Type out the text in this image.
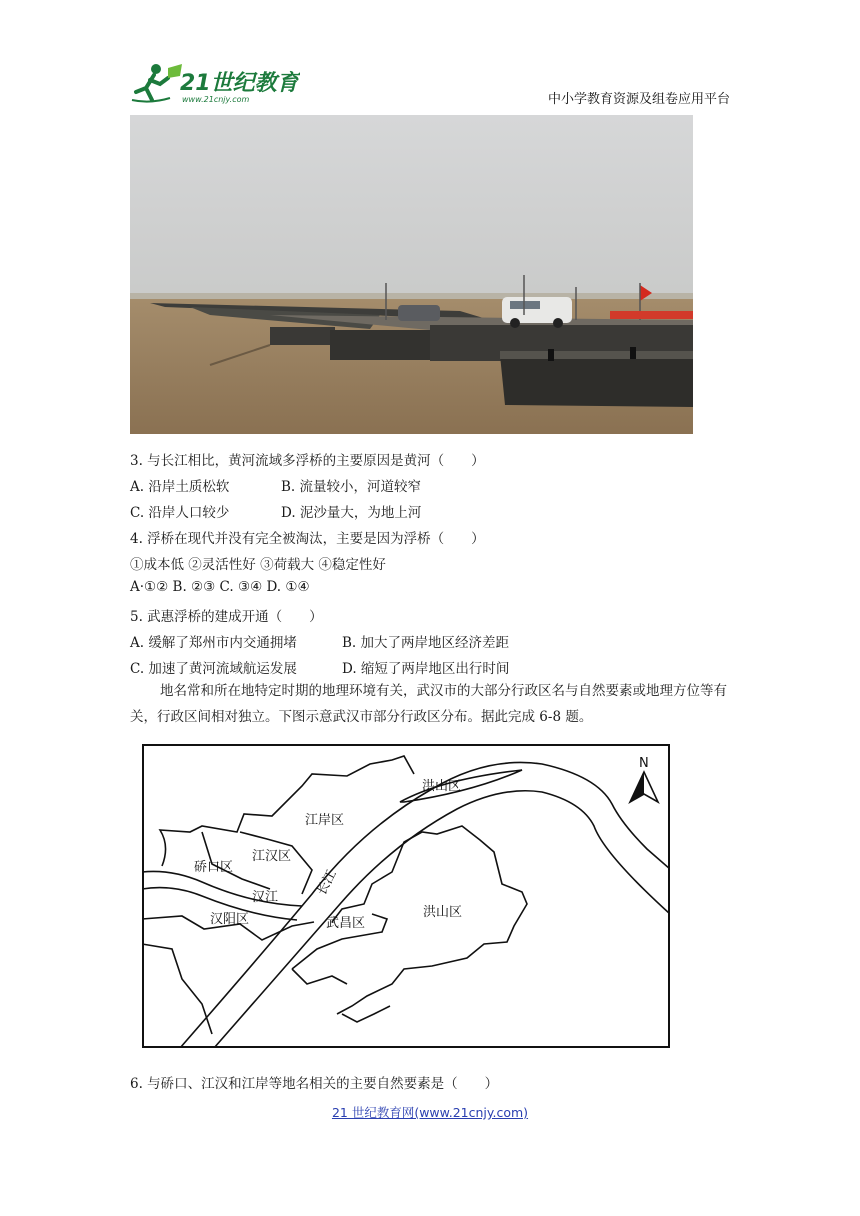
21世纪教育
www.21cnjy.com	中小学教育资源及组卷应用平台
3. 与长江相比，黄河流域多浮桥的主要原因是黄河（　　）
A. 沿岸土质松软	B. 流量较小，河道较窄
C. 沿岸人口较少	D. 泥沙量大，为地上河
4. 浮桥在现代并没有完全被淘汰，主要是因为浮桥（　　）
①成本低 ②灵活性好 ③荷载大 ④稳定性好
A·①② B. ②③ C. ③④ D. ①④
5. 武惠浮桥的建成开通（　　）
A. 缓解了郑州市内交通拥堵	B. 加大了两岸地区经济差距
C. 加速了黄河流域航运发展	D. 缩短了两岸地区出行时间
地名常和所在地特定时期的地理环境有关，武汉市的大部分行政区名与自然要素或地理方位等有关，行政区间相对独立。下图示意武汉市部分行政区分布。据此完成 6-8 题。
N
洪山区
江岸区
硚口区
江汉区
汉江
汉阳区
长江
武昌区
洪山区
6. 与硚口、江汉和江岸等地名相关的主要自然要素是（　　）
21 世纪教育网(www.21cnjy.com)
